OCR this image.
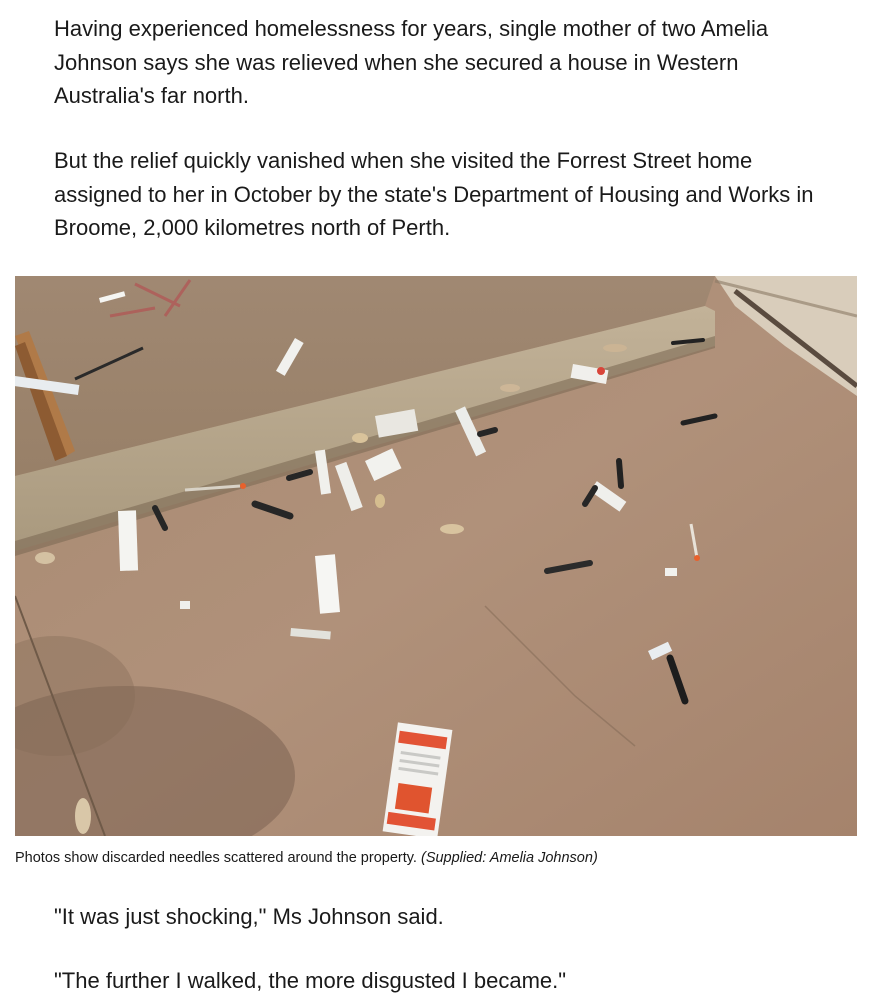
Having experienced homelessness for years, single mother of two Amelia Johnson says she was relieved when she secured a house in Western Australia's far north.

But the relief quickly vanished when she visited the Forrest Street home assigned to her in October by the state's Department of Housing and Works in Broome, 2,000 kilometres north of Perth.

Photos show discarded needles scattered around the property. (Supplied: Amelia Johnson)

"It was just shocking," Ms Johnson said.

"The further I walked, the more disgusted I became."
